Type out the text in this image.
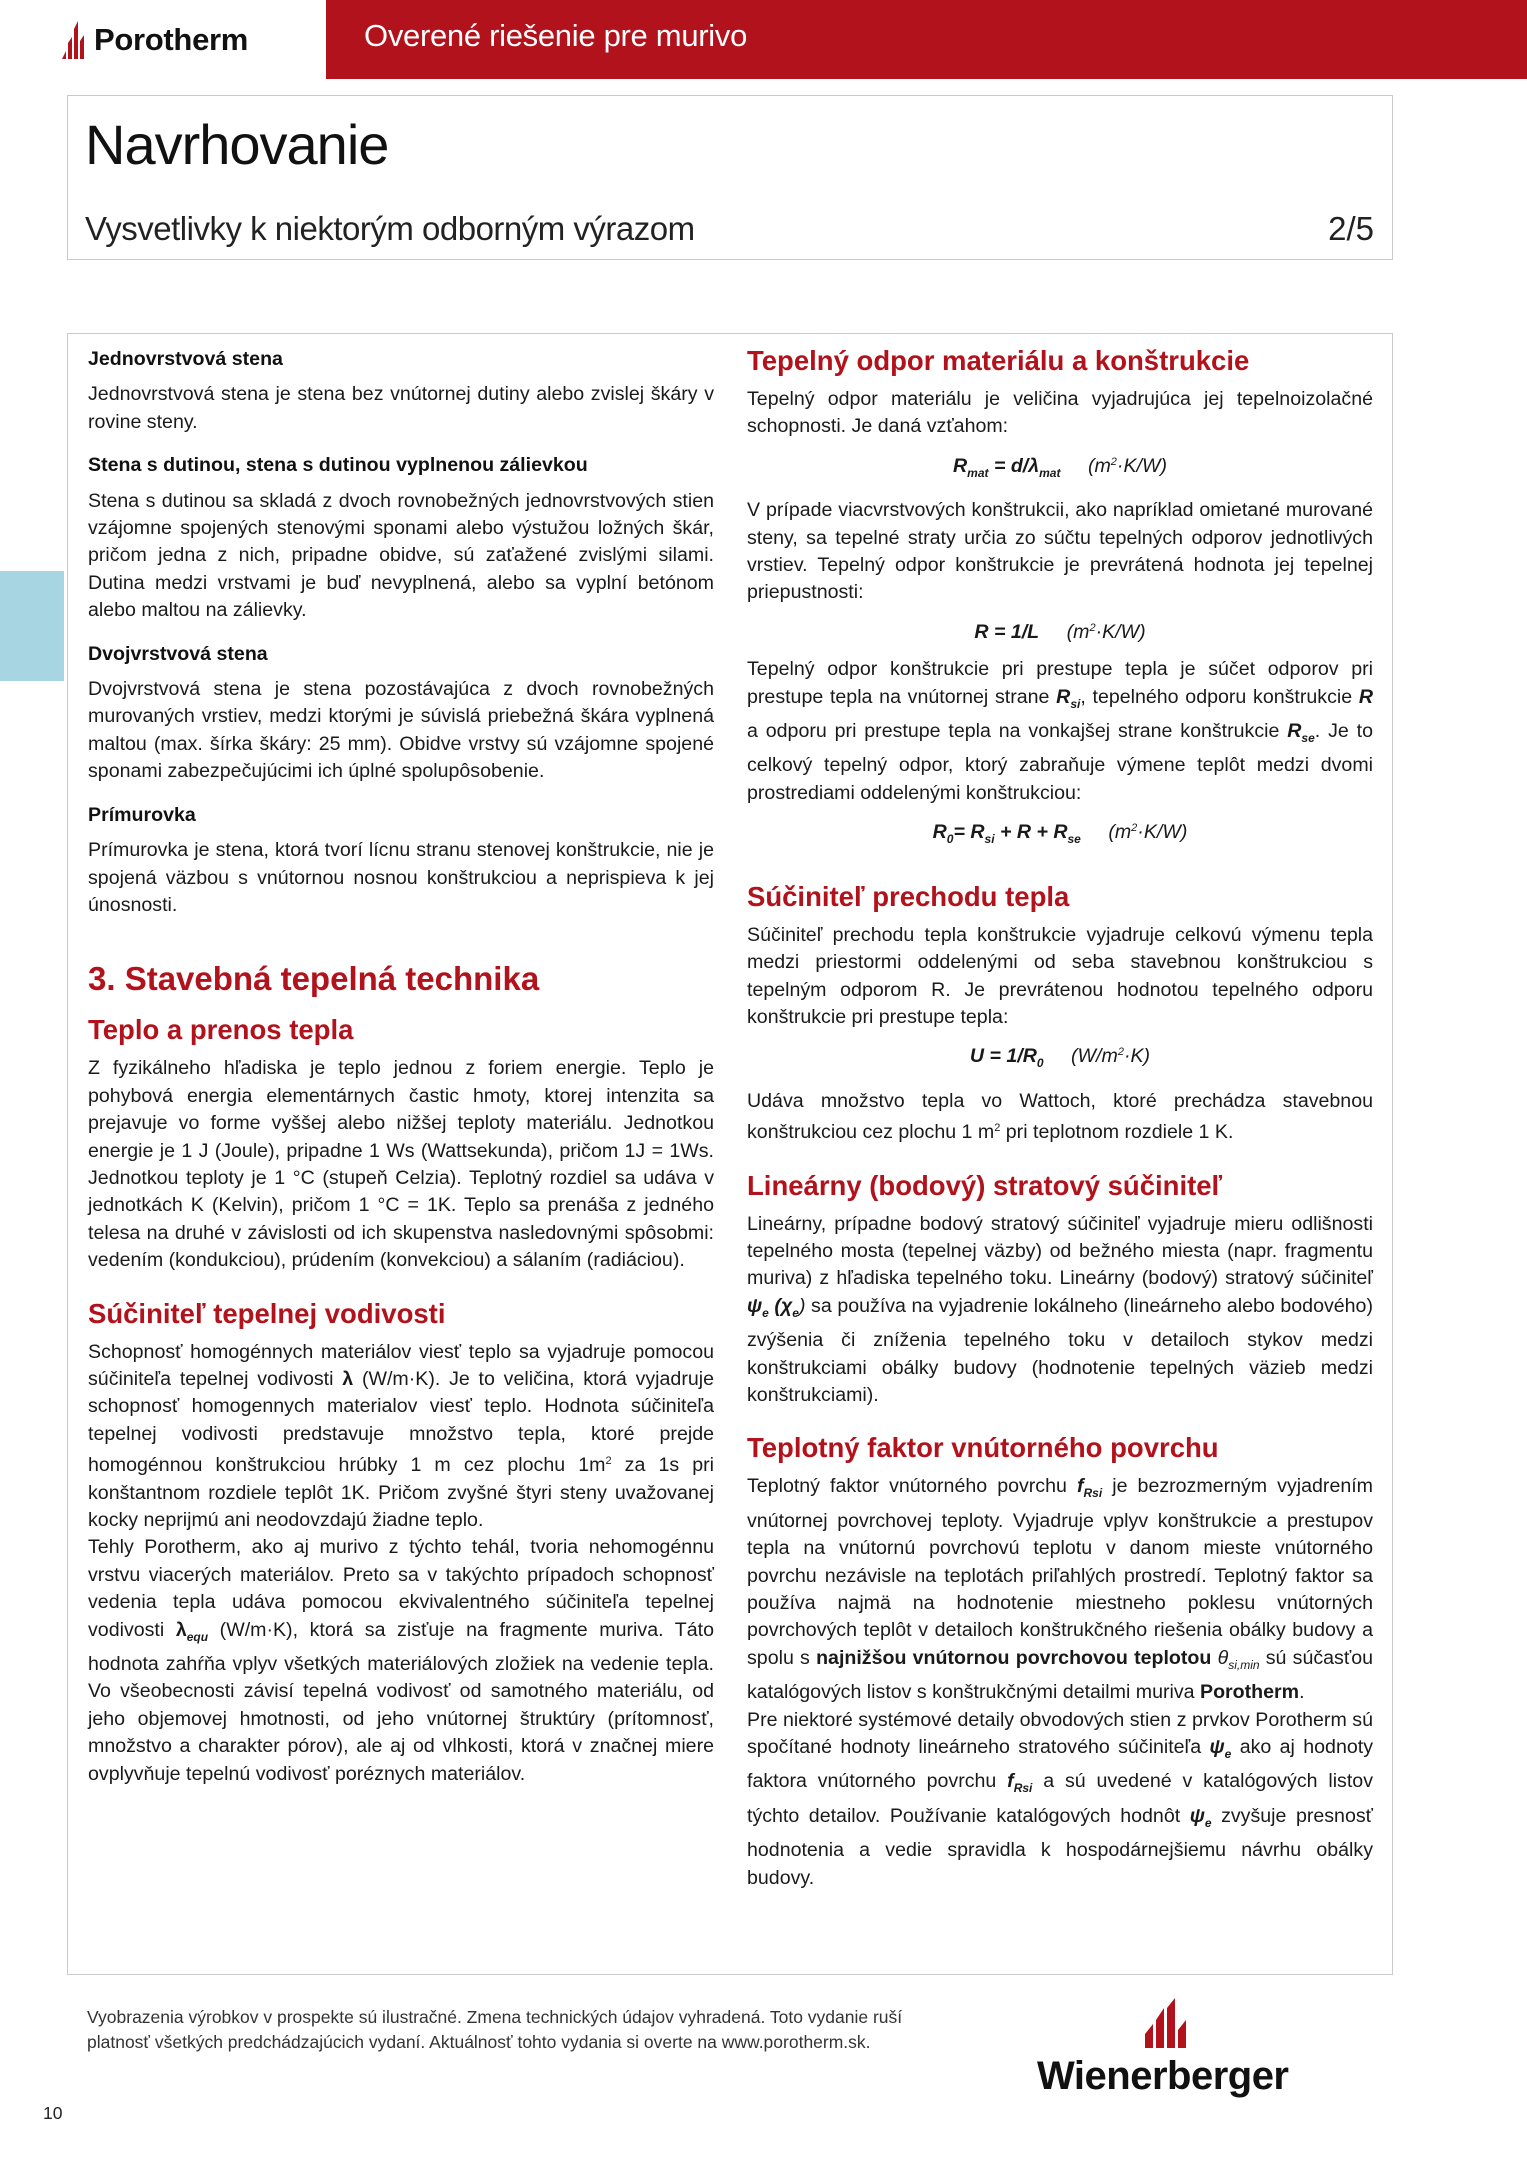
Porotherm	Overené riešenie pre murivo
Navrhovanie
Vysvetlivky k niektorým odborným výrazom	2/5
Jednovrstvová stena

Jednovrstvová stena je stena bez vnútornej dutiny alebo zvislej škáry v rovine steny.

Stena s dutinou, stena s dutinou vyplnenou zálievkou

Stena s dutinou sa skladá z dvoch rovnobežných jednovrstvových stien vzájomne spojených stenovými sponami alebo výstužou ložných škár, pričom jedna z nich, pripadne obidve, sú zaťažené zvislými silami. Dutina medzi vrstvami je buď nevyplnená, alebo sa vyplní betónom alebo maltou na zálievky.

Dvojvrstvová stena

Dvojvrstvová stena je stena pozostávajúca z dvoch rovnobežných murovaných vrstiev, medzi ktorými je súvislá priebežná škára vyplnená maltou (max. šírka škáry: 25 mm). Obidve vrstvy sú vzájomne spojené sponami zabezpečujúcimi ich úplné spolupôsobenie.

Prímurovka

Prímurovka je stena, ktorá tvorí lícnu stranu stenovej konštrukcie, nie je spojená väzbou s vnútornou nosnou konštrukciou a neprispieva k jej únosnosti.

3. Stavebná tepelná technika
Teplo a prenos tepla

Z fyzikálneho hľadiska je teplo jednou z foriem energie. Teplo je pohybová energia elementárnych častic hmoty, ktorej intenzita sa prejavuje vo forme vyššej alebo nižšej teploty materiálu. Jednotkou energie je 1 J (Joule), pripadne 1 Ws (Wattsekunda), pričom 1J = 1Ws. Jednotkou teploty je 1 °C (stupeň Celzia). Teplotný rozdiel sa udáva v jednotkách K (Kelvin), pričom 1 °C = 1K. Teplo sa prenáša z jedného telesa na druhé v závislosti od ich skupenstva nasledovnými spôsobmi: vedením (kondukciou), prúdením (konvekciou) a sálaním (radiáciou).

Súčiniteľ tepelnej vodivosti

Schopnosť homogénnych materiálov viesť teplo sa vyjadruje pomocou súčiniteľa tepelnej vodivosti λ (W/m·K). Je to veličina, ktorá vyjadruje schopnosť homogennych materialov viesť teplo. Hodnota súčiniteľa tepelnej vodivosti predstavuje množstvo tepla, ktoré prejde homogénnou konštrukciou hrúbky 1 m cez plochu $1m^2$ za 1s pri konštantnom rozdiele teplôt 1K. Pričom zvyšné štyri steny uvažovanej kocky neprijmú ani neodovzdajú žiadne teplo.

Tehly Porotherm, ako aj murivo z týchto tehál, tvoria nehomogénnu vrstvu viacerých materiálov. Preto sa v takýchto prípadoch schopnosť vedenia tepla udáva pomocou ekvivalentného súčiniteľa tepelnej vodivosti $\lambda_{equ}$ (W/m·K), ktorá sa zisťuje na fragmente muriva. Táto hodnota zahŕňa vplyv všetkých materiálových zložiek na vedenie tepla. Vo všeobecnosti závisí tepelná vodivosť od samotného materiálu, od jeho objemovej hmotnosti, od jeho vnútornej štruktúry (prítomnosť, množstvo a charakter pórov), ale aj od vlhkosti, ktorá v značnej miere ovplyvňuje tepelnú vodivosť poréznych materiálov.

Tepelný odpor materiálu a konštrukcie

Tepelný odpor materiálu je veličina vyjadrujúca jej tepelnoizolačné schopnosti. Je daná vzťahom:

$R_{mat} = d/\lambda_{mat}$ $(m^2\cdot K/W)$

V prípade viacvrstvových konštrukcii, ako napríklad omietané murované steny, sa tepelné straty určia zo súčtu tepelných odporov jednotlivých vrstiev. Tepelný odpor konštrukcie je prevrátená hodnota jej tepelnej priepustnosti:

R = 1/L $(m^2\cdot K/W)$

Tepelný odpor konštrukcie pri prestupe tepla je súčet odporov pri prestupe tepla na vnútornej strane $R_{si}$, tepelného odporu konštrukcie R a odporu pri prestupe tepla na vonkajšej strane konštrukcie $R_{se}$. Je to celkový tepelný odpor, ktorý zabraňuje výmene teplôt medzi dvomi prostrediami oddelenými konštrukciou:

$R_0= R_{si} + R + R_{se}$ $(m^2\cdot K/W)$
Súčiniteľ prechodu tepla

Súčiniteľ prechodu tepla konštrukcie vyjadruje celkovú výmenu tepla medzi priestormi oddelenými od seba stavebnou konštrukciou s tepelným odporom R. Je prevrátenou hodnotou tepelného odporu konštrukcie pri prestupe tepla:

$U = 1/R_0$ $(W/m^2\cdot K)$

Udáva množstvo tepla vo Wattoch, ktoré prechádza stavebnou konštrukciou cez plochu 1 $m^2$ pri teplotnom rozdiele 1 K.

Lineárny (bodový) stratový súčiniteľ

Lineárny, prípadne bodový stratový súčiniteľ vyjadruje mieru odlišnosti tepelného mosta (tepelnej väzby) od bežného miesta (napr. fragmentu muriva) z hľadiska tepelného toku. Lineárny (bodový) stratový súčiniteľ $\psi_e$ $(\chi_e)$ sa používa na vyjadrenie lokálneho (lineárneho alebo bodového) zvýšenia či zníženia tepelného toku v detailoch stykov medzi konštrukciami obálky budovy (hodnotenie tepelných väzieb medzi konštrukciami).

Teplotný faktor vnútorného povrchu

Teplotný faktor vnútorného povrchu $f_{Rsi}$ je bezrozmerným vyjadrením vnútornej povrchovej teploty. Vyjadruje vplyv konštrukcie a prestupov tepla na vnútornú povrchovú teplotu v danom mieste vnútorného povrchu nezávisle na teplotách priľahlých prostredí. Teplotný faktor sa používa najmä na hodnotenie miestneho poklesu vnútorných povrchových teplôt v detailoch konštrukčného riešenia obálky budovy a spolu s najnižšou vnútornou povrchovou teplotou $\theta_{si,min}$ sú súčasťou katalógových listov s konštrukčnými detailmi muriva Porotherm.

Pre niektoré systémové detaily obvodových stien z prvkov Porotherm sú spočítané hodnoty lineárneho stratového súčiniteľa $\psi_e$ ako aj hodnoty faktora vnútorného povrchu $f_{Rsi}$ a sú uvedené v katalógových listov týchto detailov. Používanie katalógových hodnôt $\psi_e$ zvyšuje presnosť hodnotenia a vedie spravidla k hospodárnejšiemu návrhu obálky budovy.

Vyobrazenia výrobkov v prospekte sú ilustračné. Zmena technických údajov vyhradená. Toto vydanie ruší platnosť všetkých predchádzajúcich vydaní. Aktuálnosť tohto vydania si overte na www.porotherm.sk.
10
Wienerberger
